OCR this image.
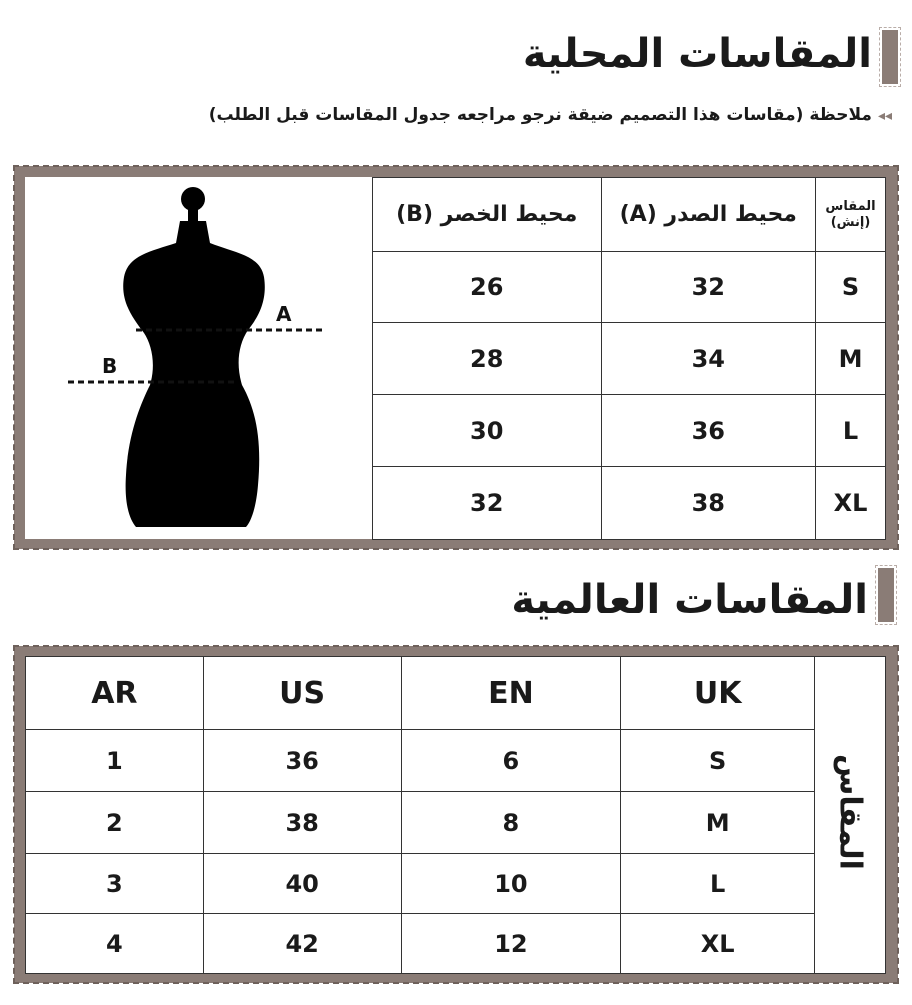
المقاسات المحلية
◂◂ملاحظة (مقاسات هذا التصميم ضيقة نرجو مراجعه جدول المقاسات قبل الطلب)
A
B
محيط الخصر (B)	محيط الصدر (A)	المقاس
(إنش)

26	32	S
28	34	M
30	36	L
32	38	XL
المقاسات العالمية
AR	US	EN	UK	المقاس
1	36	6	S	
2	38	8	M	
3	40	10	L	
4	42	12	XL	
